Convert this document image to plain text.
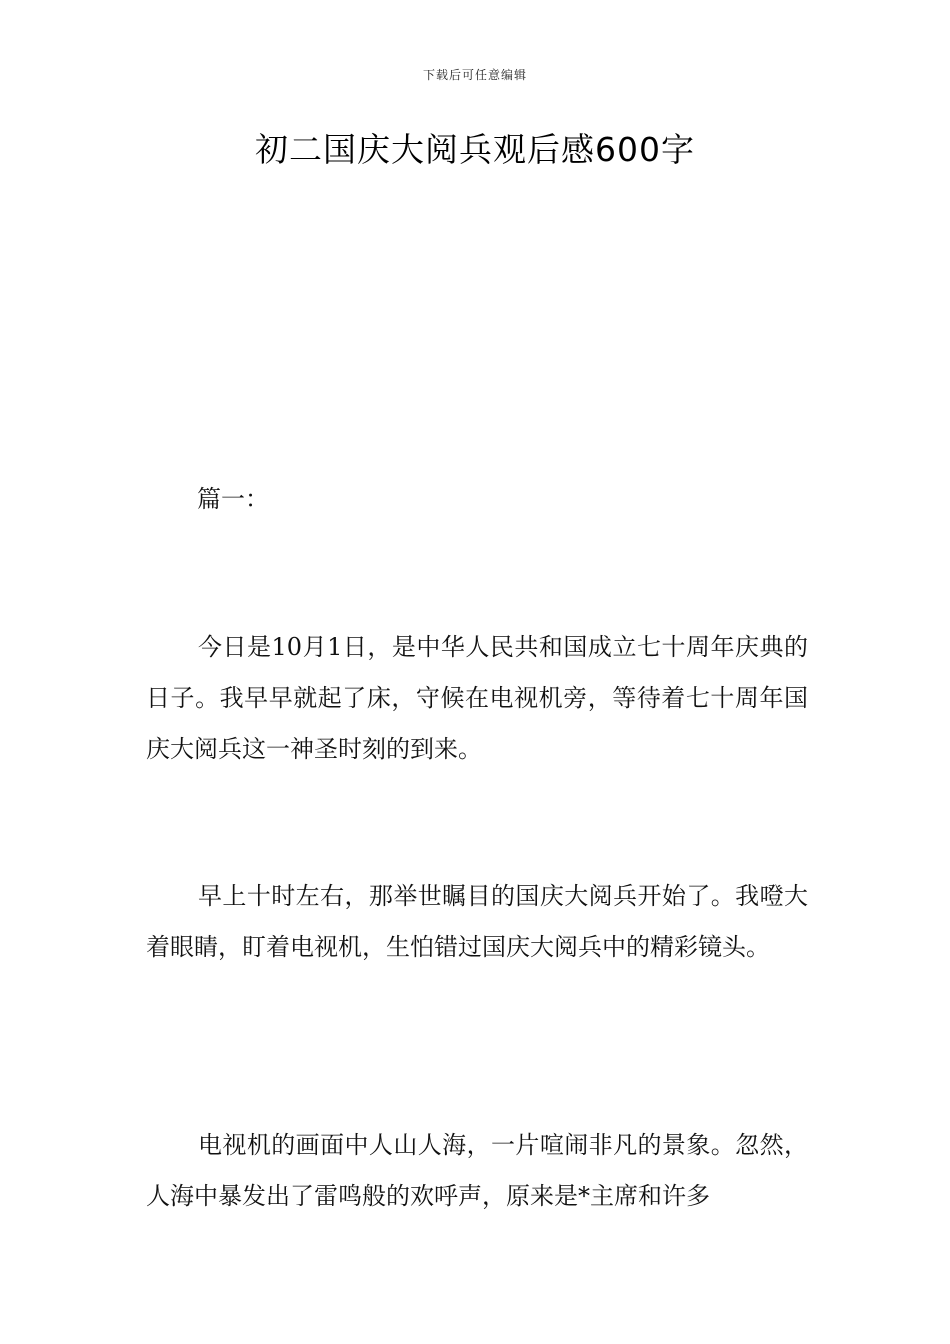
下载后可任意编辑
初二国庆大阅兵观后感600字
篇一：

今日是10月1日，是中华人民共和国成立七十周年庆典的日子。我早早就起了床，守候在电视机旁，等待着七十周年国庆大阅兵这一神圣时刻的到来。

早上十时左右，那举世瞩目的国庆大阅兵开始了。我噔大着眼睛，盯着电视机，生怕错过国庆大阅兵中的精彩镜头。

电视机的画面中人山人海，一片喧闹非凡的景象。忽然，人海中暴发出了雷鸣般的欢呼声，原来是*主席和许多
